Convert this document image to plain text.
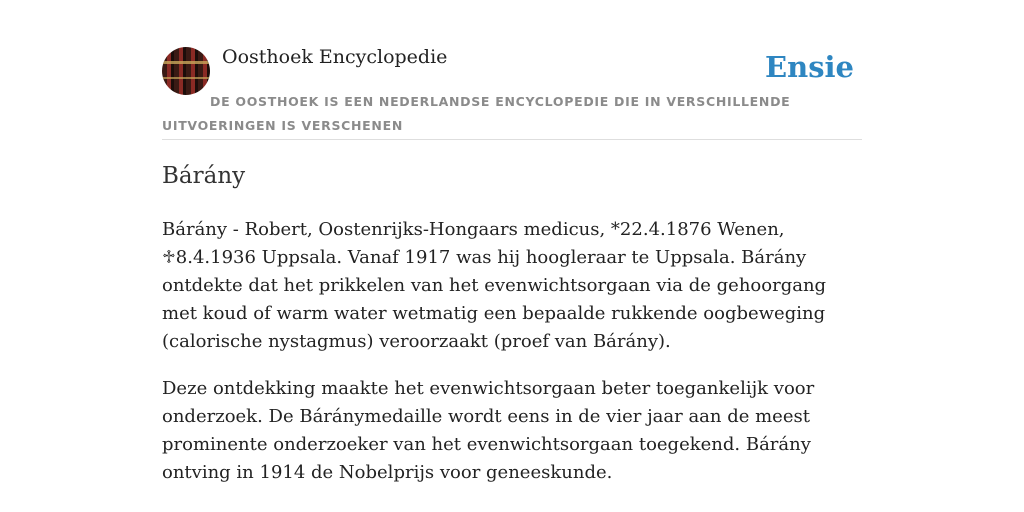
Oosthoek Encyclopedie	Ensie
DE OOSTHOEK IS EEN NEDERLANDSE ENCYCLOPEDIE DIE IN VERSCHILLENDE UITVOERINGEN IS VERSCHENEN
Bárány

Bárány - Robert, Oostenrijks-Hongaars medicus, *22.4.1876 Wenen, ♱8.4.1936 Uppsala. Vanaf 1917 was hij hoogleraar te Uppsala. Bárány ontdekte dat het prikkelen van het evenwichtsorgaan via de gehoorgang met koud of warm water wetmatig een bepaalde rukkende oogbeweging (calorische nystagmus) veroorzaakt (proef van Bárány).

Deze ontdekking maakte het evenwichtsorgaan beter toegankelijk voor onderzoek. De Báránymedaille wordt eens in de vier jaar aan de meest prominente onderzoeker van het evenwichtsorgaan toegekend. Bárány ontving in 1914 de Nobelprijs voor geneeskunde.
